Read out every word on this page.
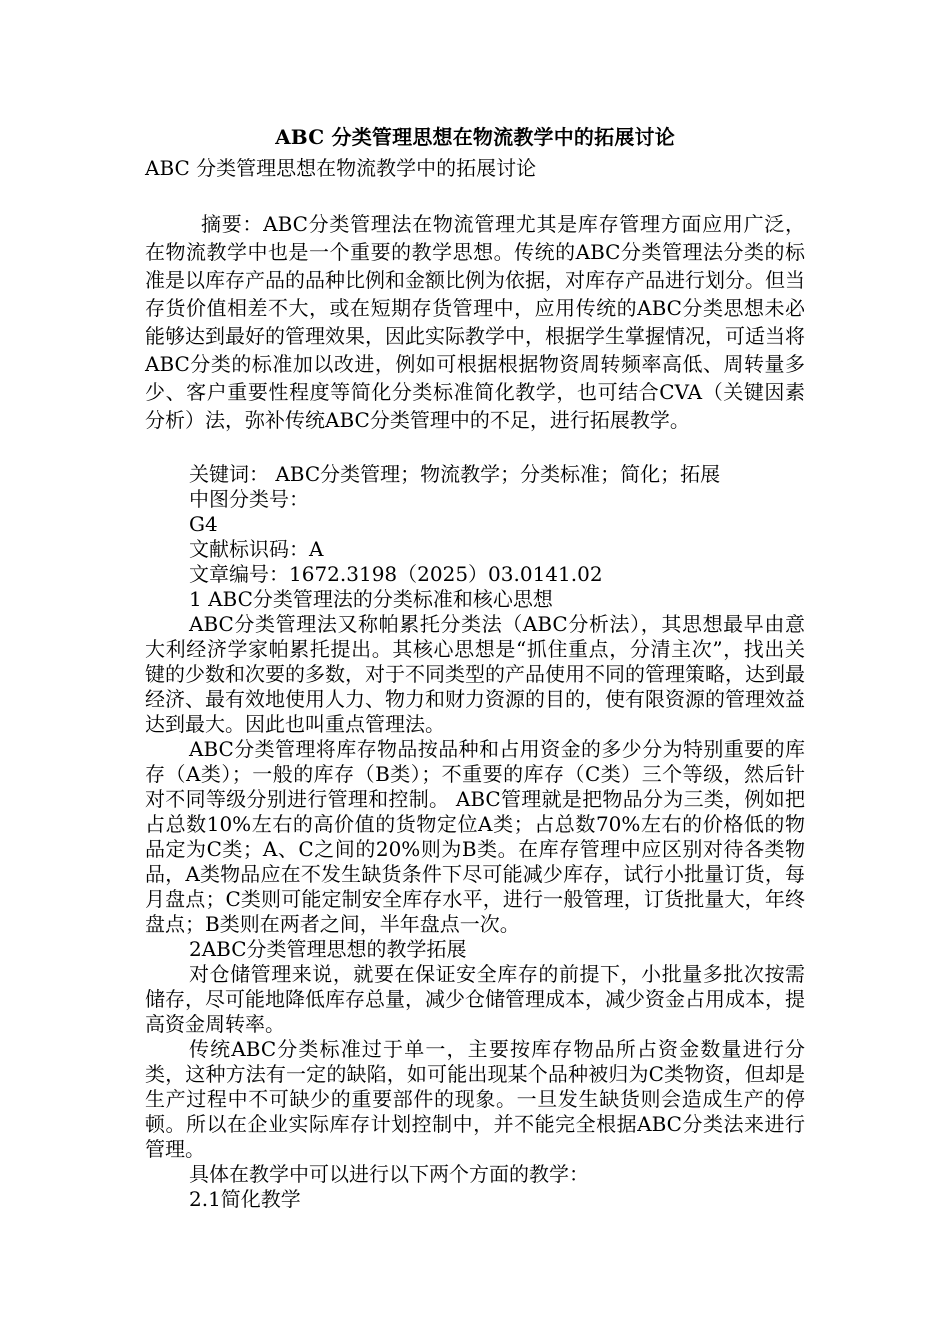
ABC 分类管理思想在物流教学中的拓展讨论

ABC 分类管理思想在物流教学中的拓展讨论

摘要：ABC分类管理法在物流管理尤其是库存管理方面应用广泛，在物流教学中也是一个重要的教学思想。传统的ABC分类管理法分类的标准是以库存产品的品种比例和金额比例为依据，对库存产品进行划分。但当存货价值相差不大，或在短期存货管理中，应用传统的ABC分类思想未必能够达到最好的管理效果，因此实际教学中，根据学生掌握情况，可适当将ABC分类的标准加以改进，例如可根据根据物资周转频率高低、周转量多少、客户重要性程度等简化分类标准简化教学，也可结合CVA（关键因素分析）法，弥补传统ABC分类管理中的不足，进行拓展教学。

关键词： ABC分类管理；物流教学；分类标准；简化；拓展

中图分类号：

G4

文献标识码：A

文章编号：1672.3198（2025）03.0141.02

1 ABC分类管理法的分类标准和核心思想

ABC分类管理法又称帕累托分类法（ABC分析法），其思想最早由意大利经济学家帕累托提出。其核心思想是“抓住重点，分清主次”，找出关键的少数和次要的多数，对于不同类型的产品使用不同的管理策略，达到最经济、最有效地使用人力、物力和财力资源的目的，使有限资源的管理效益达到最大。因此也叫重点管理法。

ABC分类管理将库存物品按品种和占用资金的多少分为特别重要的库存（A类）；一般的库存（B类）；不重要的库存（C类）三个等级，然后针对不同等级分别进行管理和控制。 ABC管理就是把物品分为三类，例如把占总数10%左右的高价值的货物定位A类；占总数70%左右的价格低的物品定为C类；A、C之间的20%则为B类。在库存管理中应区别对待各类物品，A类物品应在不发生缺货条件下尽可能减少库存，试行小批量订货，每月盘点；C类则可能定制安全库存水平，进行一般管理，订货批量大，年终盘点；B类则在两者之间，半年盘点一次。

2ABC分类管理思想的教学拓展

对仓储管理来说，就要在保证安全库存的前提下，小批量多批次按需储存，尽可能地降低库存总量，减少仓储管理成本，减少资金占用成本，提高资金周转率。

传统ABC分类标准过于单一，主要按库存物品所占资金数量进行分类，这种方法有一定的缺陷，如可能出现某个品种被归为C类物资，但却是生产过程中不可缺少的重要部件的现象。一旦发生缺货则会造成生产的停顿。所以在企业实际库存计划控制中，并不能完全根据ABC分类法来进行管理。

具体在教学中可以进行以下两个方面的教学：

2.1简化教学
